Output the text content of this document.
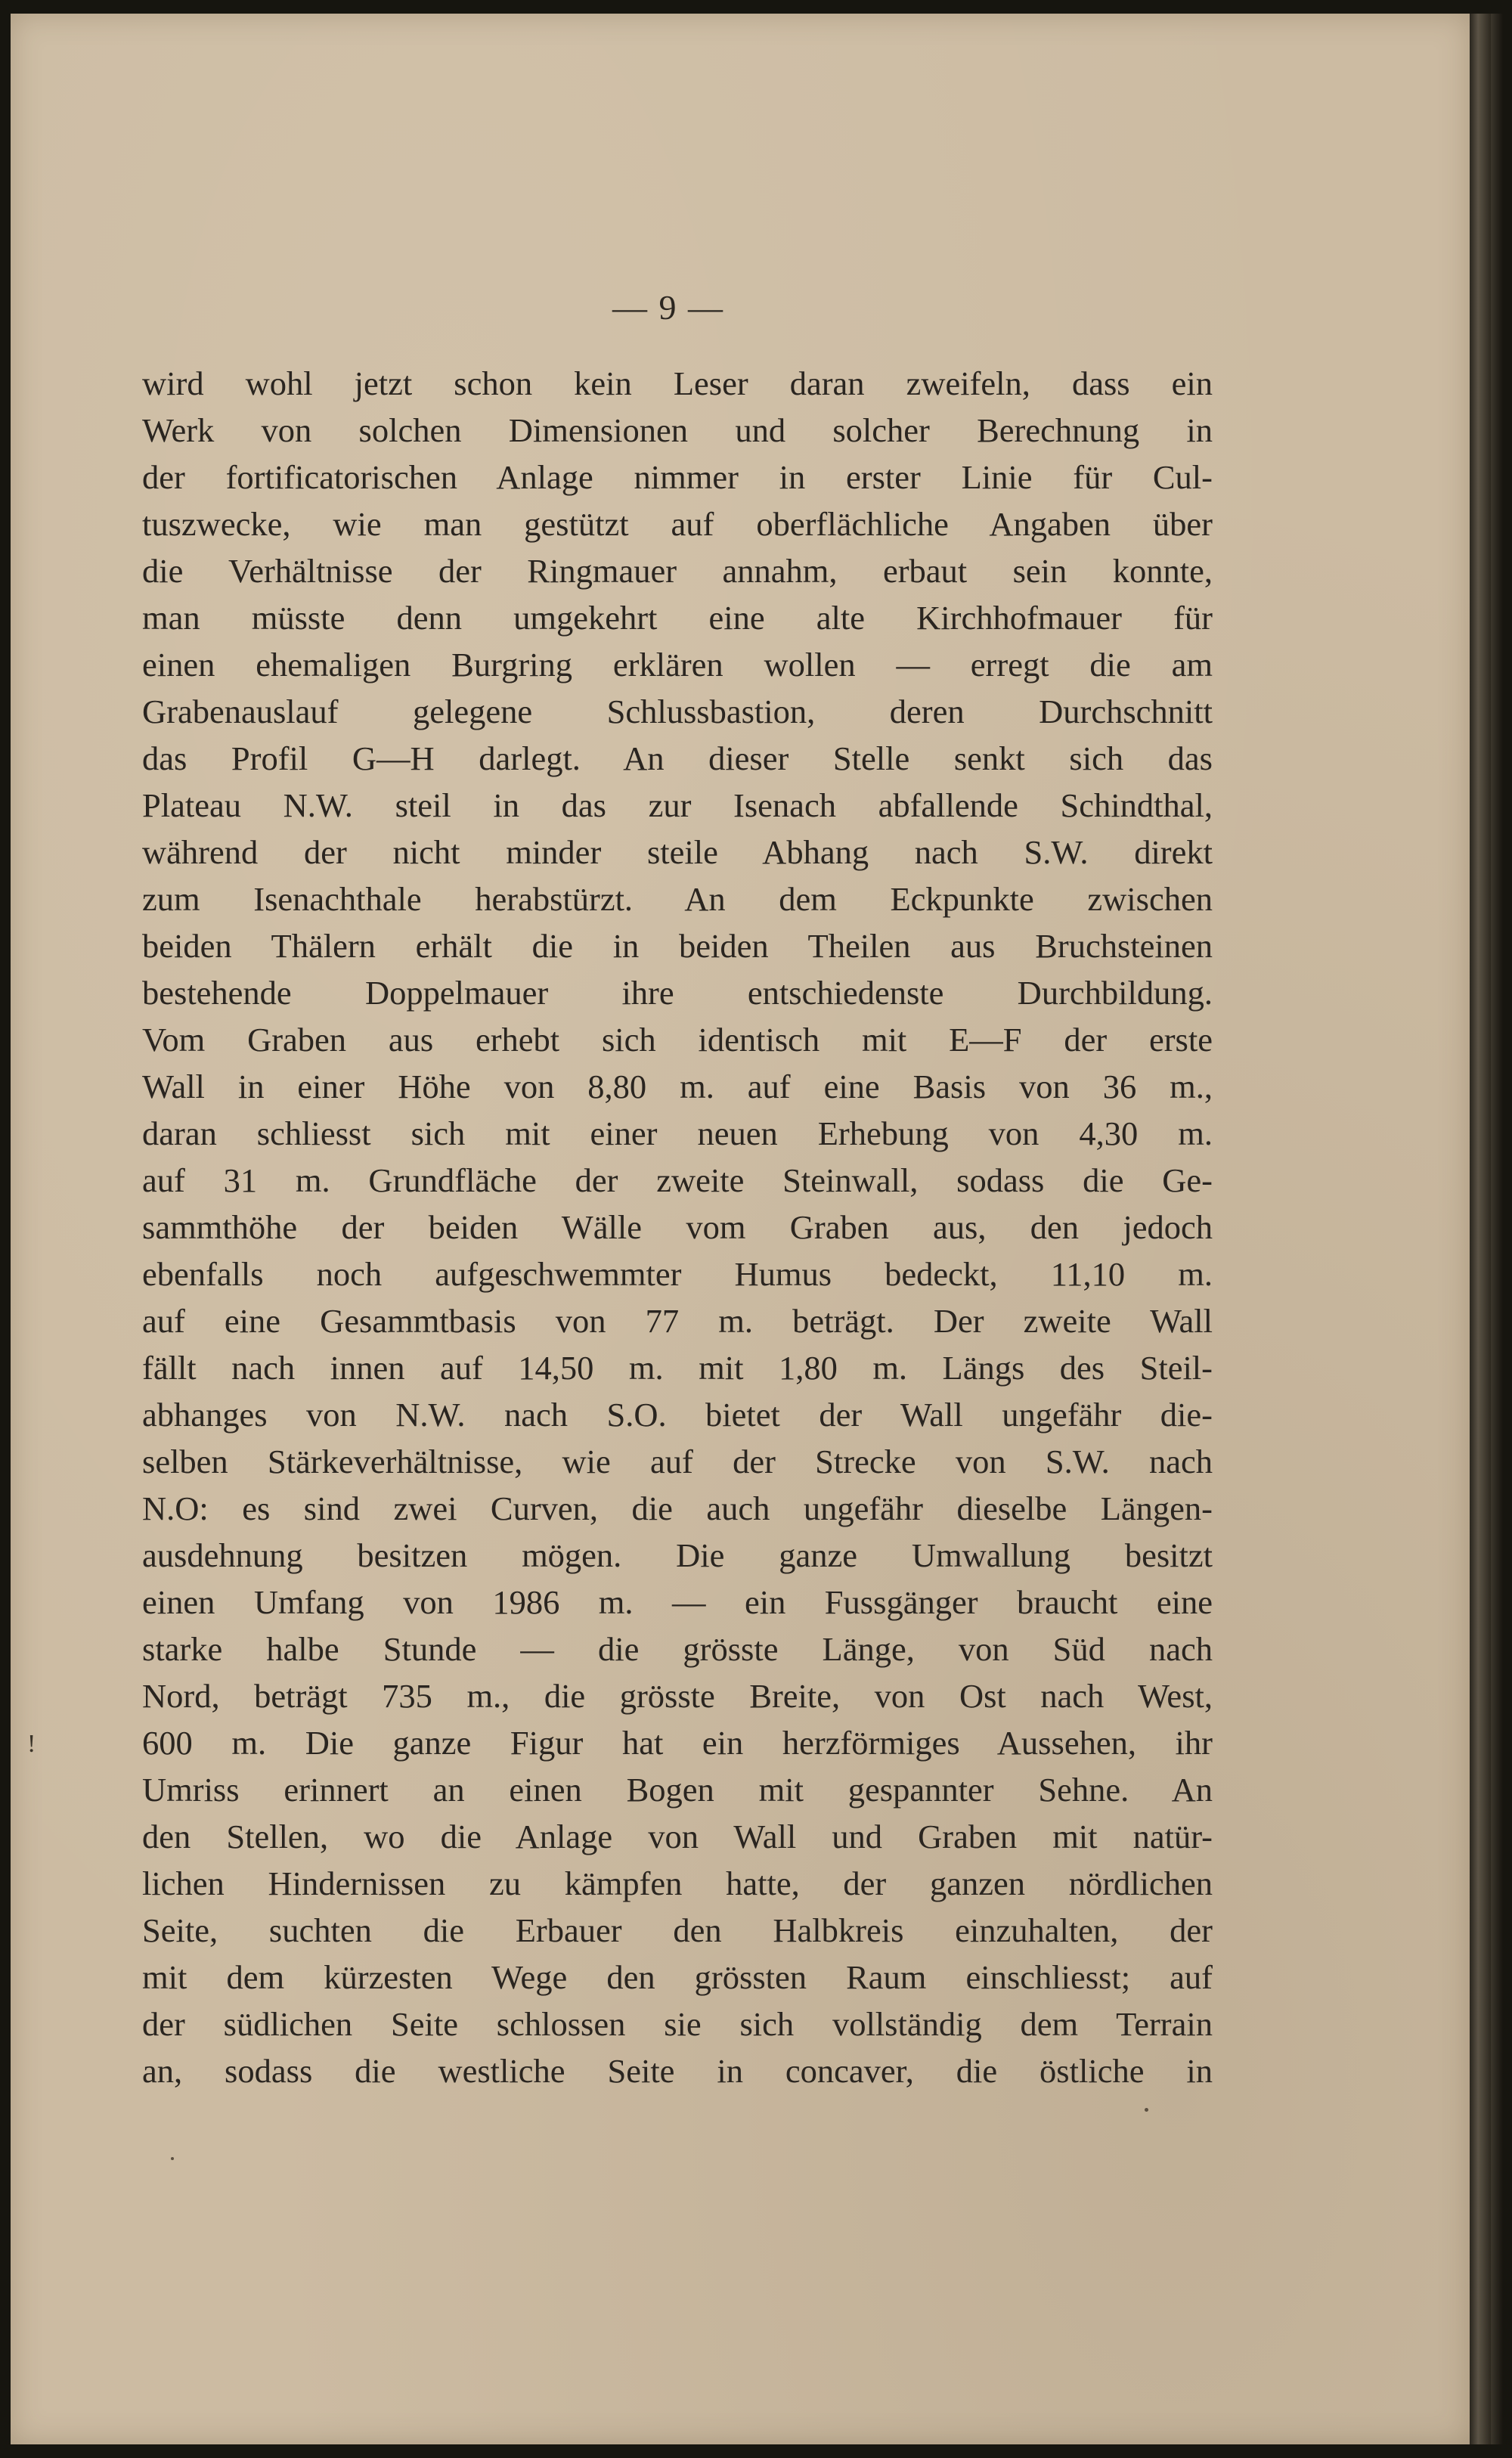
— 9 —
wird wohl jetzt schon kein Leser daran zweifeln, dass ein
Werk von solchen Dimensionen und solcher Berechnung in
der fortificatorischen Anlage nimmer in erster Linie für Cul-
tuszwecke, wie man gestützt auf oberflächliche Angaben über
die Verhältnisse der Ringmauer annahm, erbaut sein konnte,
man müsste denn umgekehrt eine alte Kirchhofmauer für
einen ehemaligen Burgring erklären wollen — erregt die am
Grabenauslauf gelegene Schlussbastion, deren Durchschnitt
das Profil G—H darlegt. An dieser Stelle senkt sich das
Plateau N.W. steil in das zur Isenach abfallende Schindthal,
während der nicht minder steile Abhang nach S.W. direkt
zum Isenachthale herabstürzt. An dem Eckpunkte zwischen
beiden Thälern erhält die in beiden Theilen aus Bruchsteinen
bestehende Doppelmauer ihre entschiedenste Durchbildung.
Vom Graben aus erhebt sich identisch mit E—F der erste
Wall in einer Höhe von 8,80 m. auf eine Basis von 36 m.,
daran schliesst sich mit einer neuen Erhebung von 4,30 m.
auf 31 m. Grundfläche der zweite Steinwall, sodass die Ge-
sammthöhe der beiden Wälle vom Graben aus, den jedoch
ebenfalls noch aufgeschwemmter Humus bedeckt, 11,10 m.
auf eine Gesammtbasis von 77 m. beträgt. Der zweite Wall
fällt nach innen auf 14,50 m. mit 1,80 m. Längs des Steil-
abhanges von N.W. nach S.O. bietet der Wall ungefähr die-
selben Stärkeverhältnisse, wie auf der Strecke von S.W. nach
N.O: es sind zwei Curven, die auch ungefähr dieselbe Längen-
ausdehnung besitzen mögen. Die ganze Umwallung besitzt
einen Umfang von 1986 m. — ein Fussgänger braucht eine
starke halbe Stunde — die grösste Länge, von Süd nach
Nord, beträgt 735 m., die grösste Breite, von Ost nach West,
600 m. Die ganze Figur hat ein herzförmiges Aussehen, ihr
Umriss erinnert an einen Bogen mit gespannter Sehne. An
den Stellen, wo die Anlage von Wall und Graben mit natür-
lichen Hindernissen zu kämpfen hatte, der ganzen nördlichen
Seite, suchten die Erbauer den Halbkreis einzuhalten, der
mit dem kürzesten Wege den grössten Raum einschliesst; auf
der südlichen Seite schlossen sie sich vollständig dem Terrain
an, sodass die westliche Seite in concaver, die östliche in
!
